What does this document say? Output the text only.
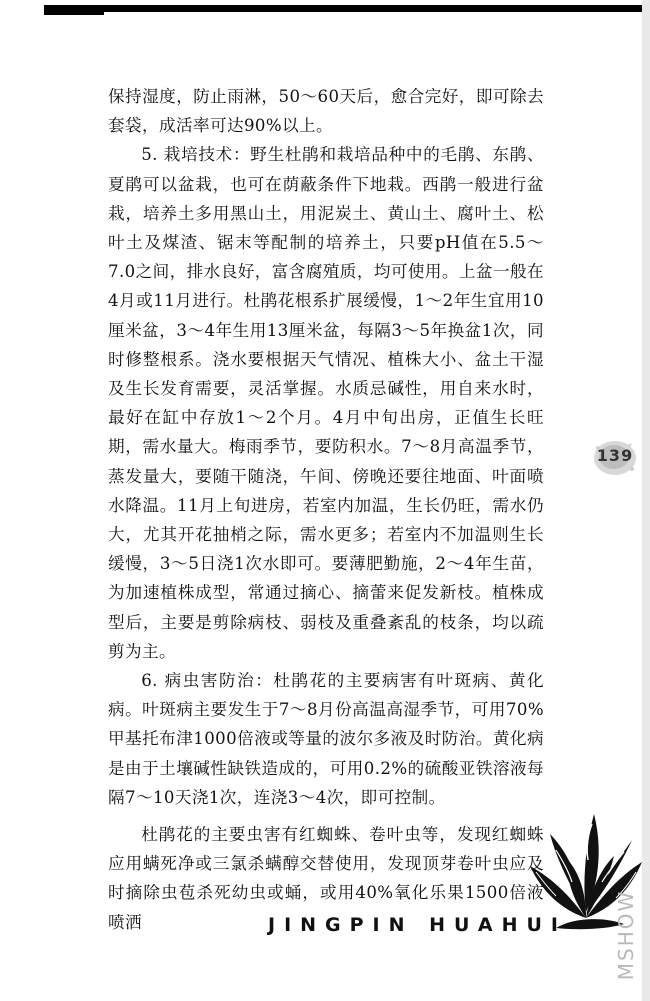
保持湿度，防止雨淋，50～60天后，愈合完好，即可除去套袋，成活率可达90%以上。

5. 栽培技术：野生杜鹃和栽培品种中的毛鹃、东鹃、夏鹃可以盆栽，也可在荫蔽条件下地栽。西鹃一般进行盆栽，培养土多用黑山土，用泥炭土、黄山土、腐叶土、松叶土及煤渣、锯末等配制的培养土，只要pH值在5.5～7.0之间，排水良好，富含腐殖质，均可使用。上盆一般在4月或11月进行。杜鹃花根系扩展缓慢，1～2年生宜用10厘米盆，3～4年生用13厘米盆，每隔3～5年换盆1次，同时修整根系。浇水要根据天气情况、植株大小、盆土干湿及生长发育需要，灵活掌握。水质忌碱性，用自来水时，最好在缸中存放1～2个月。4月中旬出房，正值生长旺期，需水量大。梅雨季节，要防积水。7～8月高温季节，蒸发量大，要随干随浇，午间、傍晚还要往地面、叶面喷水降温。11月上旬进房，若室内加温，生长仍旺，需水仍大，尤其开花抽梢之际，需水更多；若室内不加温则生长缓慢，3～5日浇1次水即可。要薄肥勤施，2～4年生苗，为加速植株成型，常通过摘心、摘蕾来促发新枝。植株成型后，主要是剪除病枝、弱枝及重叠紊乱的枝条，均以疏剪为主。

6. 病虫害防治：杜鹃花的主要病害有叶斑病、黄化病。叶斑病主要发生于7～8月份高温高湿季节，可用70%甲基托布津1000倍液或等量的波尔多液及时防治。黄化病是由于土壤碱性缺铁造成的，可用0.2%的硫酸亚铁溶液每隔7～10天浇1次，连浇3～4次，即可控制。

杜鹃花的主要虫害有红蜘蛛、卷叶虫等，发现红蜘蛛应用螨死净或三氯杀螨醇交替使用，发现顶芽卷叶虫应及时摘除虫苞杀死幼虫或蛹，或用40%氧化乐果1500倍液喷洒

139
JINGPIN HUAHUI MSHOW
